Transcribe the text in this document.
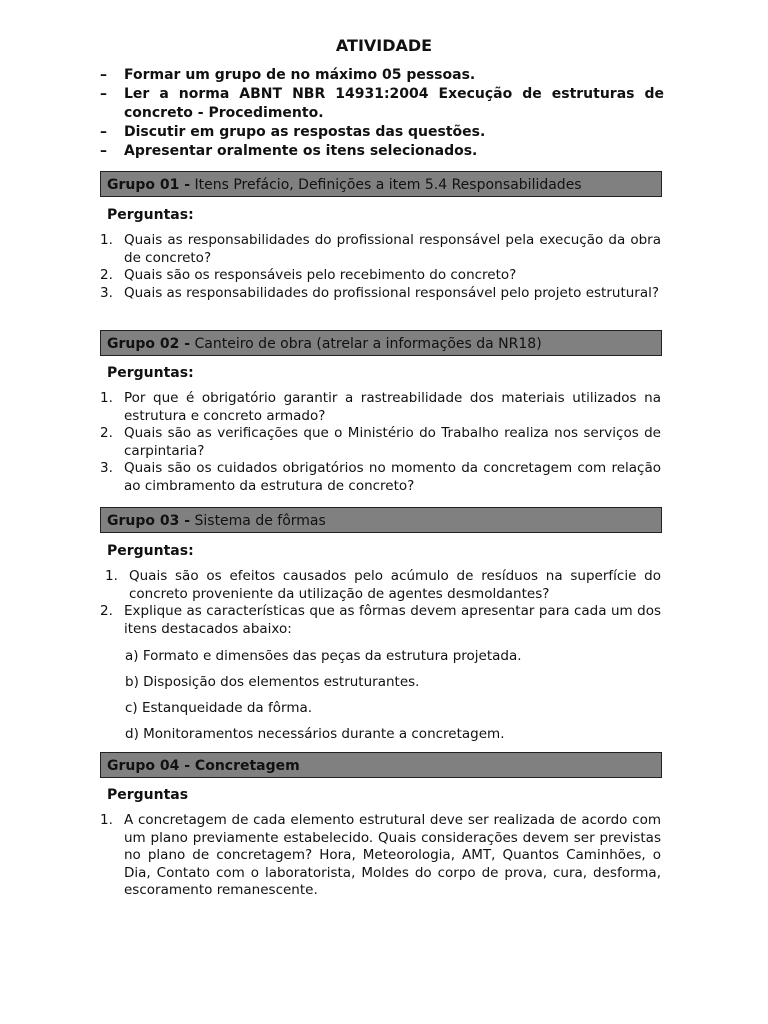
ATIVIDADE
– Formar um grupo de no máximo 05 pessoas.
– Ler a norma ABNT NBR 14931:2004 Execução de estruturas de concreto - Procedimento.
– Discutir em grupo as respostas das questões.
– Apresentar oralmente os itens selecionados.
Grupo 01 - Itens Prefácio, Definições a item 5.4 Responsabilidades
Perguntas:
1. Quais as responsabilidades do profissional responsável pela execução da obra de concreto?
2. Quais são os responsáveis pelo recebimento do concreto?
3. Quais as responsabilidades do profissional responsável pelo projeto estrutural?
Grupo 02 - Canteiro de obra (atrelar a informações da NR18)
Perguntas:
1. Por que é obrigatório garantir a rastreabilidade dos materiais utilizados na estrutura e concreto armado?
2. Quais são as verificações que o Ministério do Trabalho realiza nos serviços de carpintaria?
3. Quais são os cuidados obrigatórios no momento da concretagem com relação ao cimbramento da estrutura de concreto?
Grupo 03 - Sistema de fôrmas
Perguntas:
1. Quais são os efeitos causados pelo acúmulo de resíduos na superfície do concreto proveniente da utilização de agentes desmoldantes?
2. Explique as características que as fôrmas devem apresentar para cada um dos itens destacados abaixo:
a) Formato e dimensões das peças da estrutura projetada.
b) Disposição dos elementos estruturantes.
c) Estanqueidade da fôrma.
d) Monitoramentos necessários durante a concretagem.
Grupo 04 - Concretagem
Perguntas
1. A concretagem de cada elemento estrutural deve ser realizada de acordo com um plano previamente estabelecido. Quais considerações devem ser previstas no plano de concretagem? Hora, Meteorologia, AMT, Quantos Caminhões, o Dia, Contato com o laboratorista, Moldes do corpo de prova, cura, desforma, escoramento remanescente.
